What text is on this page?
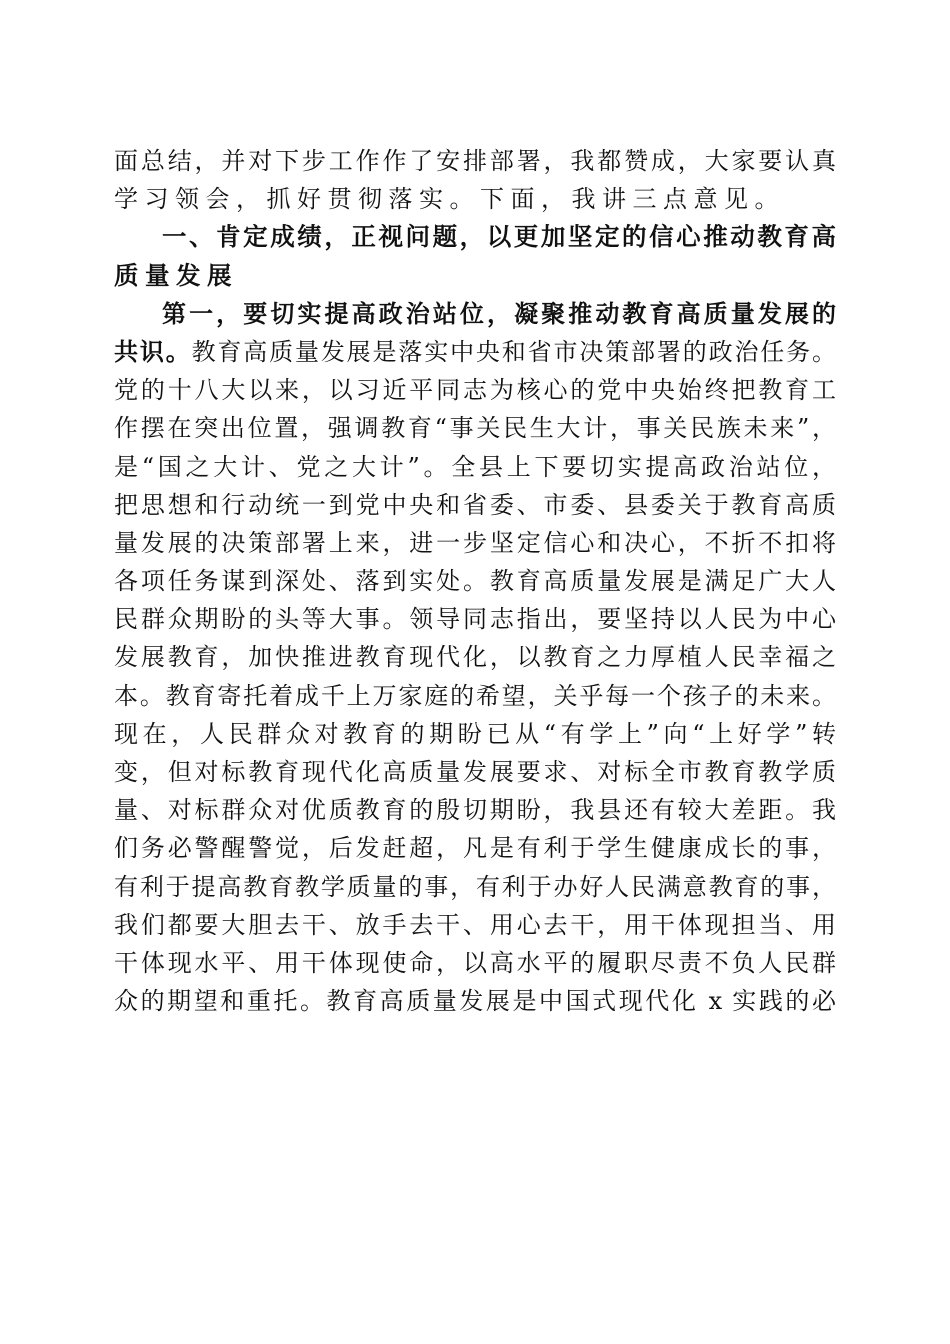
面总结，并对下步工作作了安排部署，我都赞成，大家要认真
学习领会，抓好贯彻落实。下面，我讲三点意见。
一、肯定成绩，正视问题，以更加坚定的信心推动教育高
质量发展
第一，要切实提高政治站位，凝聚推动教育高质量发展的
共识。教育高质量发展是落实中央和省市决策部署的政治任务。
党的十八大以来，以习近平同志为核心的党中央始终把教育工
作摆在突出位置，强调教育“事关民生大计，事关民族未来”，
是“国之大计、党之大计”。全县上下要切实提高政治站位，
把思想和行动统一到党中央和省委、市委、县委关于教育高质
量发展的决策部署上来，进一步坚定信心和决心，不折不扣将
各项任务谋到深处、落到实处。教育高质量发展是满足广大人
民群众期盼的头等大事。领导同志指出，要坚持以人民为中心
发展教育，加快推进教育现代化，以教育之力厚植人民幸福之
本。教育寄托着成千上万家庭的希望，关乎每一个孩子的未来。
现在，人民群众对教育的期盼已从“有学上”向“上好学”转
变，但对标教育现代化高质量发展要求、对标全市教育教学质
量、对标群众对优质教育的殷切期盼，我县还有较大差距。我
们务必警醒警觉，后发赶超，凡是有利于学生健康成长的事，
有利于提高教育教学质量的事，有利于办好人民满意教育的事，
我们都要大胆去干、放手去干、用心去干，用干体现担当、用
干体现水平、用干体现使命，以高水平的履职尽责不负人民群
众的期望和重托。教育高质量发展是中国式现代化 x 实践的必
